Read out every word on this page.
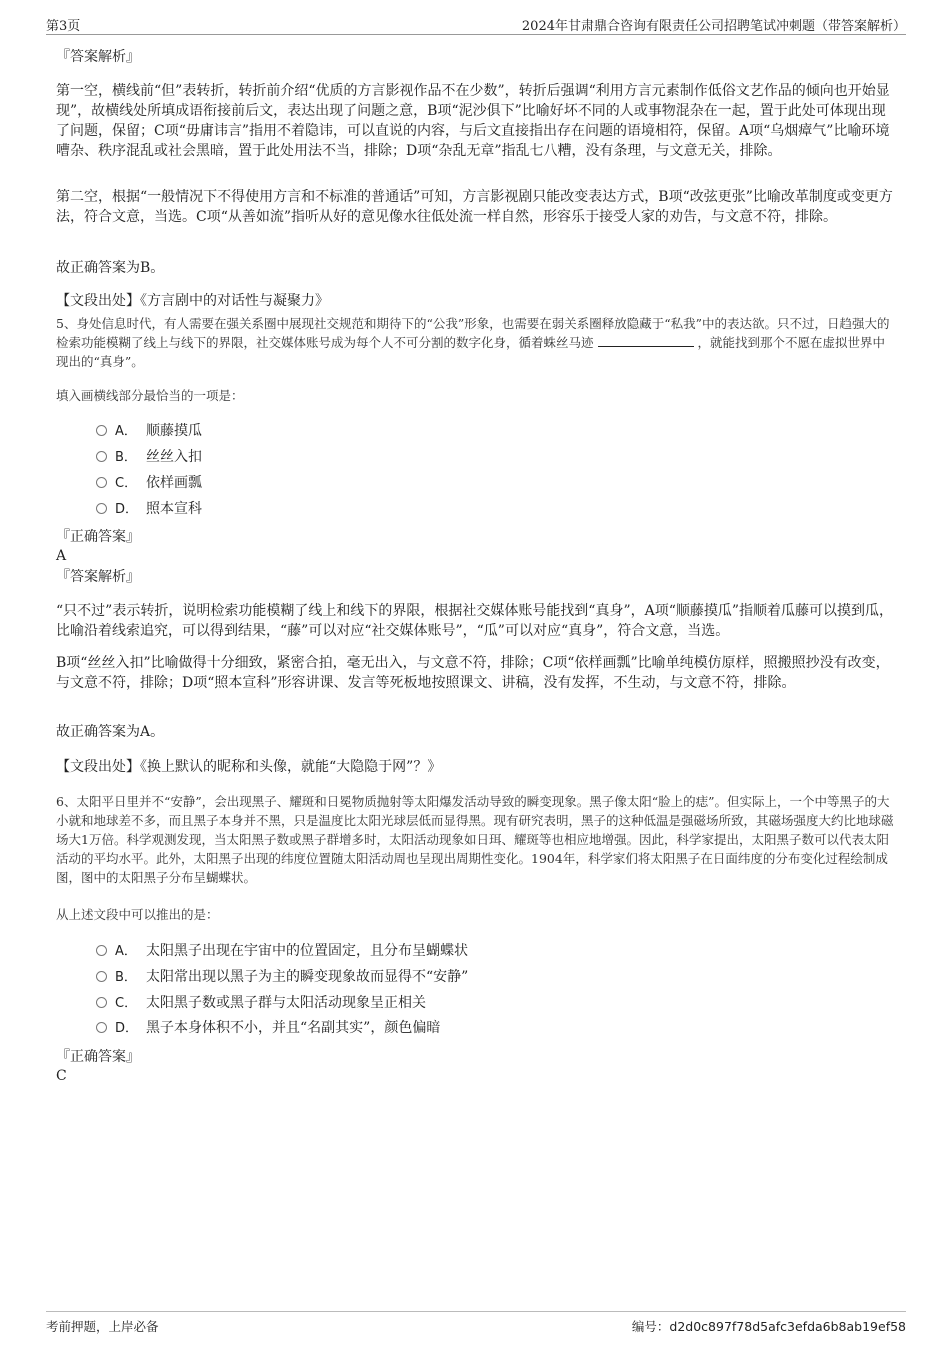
第3页	2024年甘肃鼎合咨询有限责任公司招聘笔试冲刺题（带答案解析）

『答案解析』

第一空，横线前“但”表转折，转折前介绍“优质的方言影视作品不在少数”，转折后强调“利用方言元素制作低俗文艺作品的倾向也开始显现”，故横线处所填成语衔接前后文，表达出现了问题之意，B项“泥沙俱下”比喻好坏不同的人或事物混杂在一起，置于此处可体现出现了问题，保留；C项“毋庸讳言”指用不着隐讳，可以直说的内容，与后文直接指出存在问题的语境相符，保留。A项“乌烟瘴气”比喻环境嘈杂、秩序混乱或社会黑暗，置于此处用法不当，排除；D项“杂乱无章”指乱七八糟，没有条理，与文意无关，排除。

第二空，根据“一般情况下不得使用方言和不标准的普通话”可知，方言影视剧只能改变表达方式，B项“改弦更张”比喻改革制度或变更方法，符合文意，当选。C项“从善如流”指听从好的意见像水往低处流一样自然，形容乐于接受人家的劝告，与文意不符，排除。

故正确答案为B。

【文段出处】《方言剧中的对话性与凝聚力》

5、身处信息时代，有人需要在强关系圈中展现社交规范和期待下的“公我”形象，也需要在弱关系圈释放隐藏于“私我”中的表达欲。只不过，日趋强大的检索功能模糊了线上与线下的界限，社交媒体账号成为每个人不可分割的数字化身，循着蛛丝马迹	，就能找到那个不愿在虚拟世界中现出的“真身”。

填入画横线部分最恰当的一项是：

A． 顺藤摸瓜
B． 丝丝入扣
C． 依样画瓢
D． 照本宣科

『正确答案』

A

『答案解析』

“只不过”表示转折，说明检索功能模糊了线上和线下的界限，根据社交媒体账号能找到“真身”，A项“顺藤摸瓜”指顺着瓜藤可以摸到瓜，比喻沿着线索追究，可以得到结果，“藤”可以对应“社交媒体账号”，“瓜”可以对应“真身”，符合文意，当选。

B项“丝丝入扣”比喻做得十分细致，紧密合拍，毫无出入，与文意不符，排除；C项“依样画瓢”比喻单纯模仿原样，照搬照抄没有改变，与文意不符，排除；D项“照本宣科”形容讲课、发言等死板地按照课文、讲稿，没有发挥，不生动，与文意不符，排除。

故正确答案为A。

【文段出处】《换上默认的昵称和头像，就能“大隐隐于网”？》

6、太阳平日里并不“安静”，会出现黑子、耀斑和日冕物质抛射等太阳爆发活动导致的瞬变现象。黑子像太阳“脸上的痣”。但实际上，一个中等黑子的大小就和地球差不多，而且黑子本身并不黑，只是温度比太阳光球层低而显得黑。现有研究表明，黑子的这种低温是强磁场所致，其磁场强度大约比地球磁场大1万倍。科学观测发现，当太阳黑子数或黑子群增多时，太阳活动现象如日珥、耀斑等也相应地增强。因此，科学家提出，太阳黑子数可以代表太阳活动的平均水平。此外，太阳黑子出现的纬度位置随太阳活动周也呈现出周期性变化。1904年，科学家们将太阳黑子在日面纬度的分布变化过程绘制成图，图中的太阳黑子分布呈蝴蝶状。

从上述文段中可以推出的是：

A． 太阳黑子出现在宇宙中的位置固定，且分布呈蝴蝶状
B． 太阳常出现以黑子为主的瞬变现象故而显得不“安静”
C． 太阳黑子数或黑子群与太阳活动现象呈正相关
D． 黑子本身体积不小，并且“名副其实”，颜色偏暗

『正确答案』

C

考前押题，上岸必备	编号：d2d0c897f78d5afc3efda6b8ab19ef58
